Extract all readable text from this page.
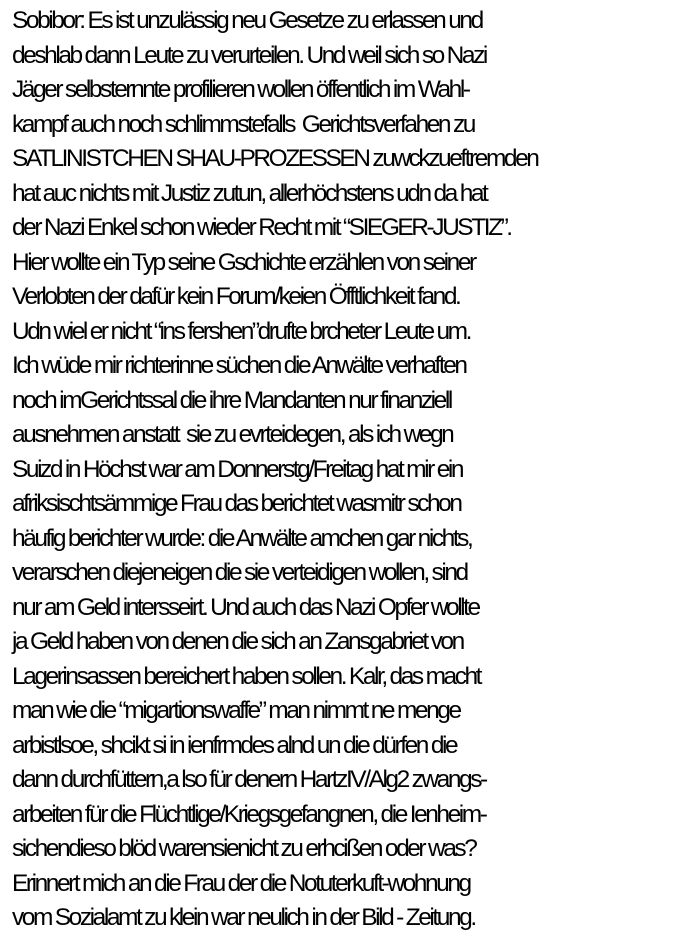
Sobibor: Es ist unzulässig neu Gesetze zu erlassen und
deshlab dann Leute zu verurteilen. Und weil sich so Nazi
Jäger selbsternnte profilieren wollen öffentlich im Wahl-
kampf auch noch schlimmstefalls  Gerichtsverfahen zu
SATLINISTCHEN SHAU-PROZESSEN zuwckzueftremden
hat auc nichts mit Justiz zutun, allerhöchstens udn da hat
der Nazi Enkel schon wieder Recht mit “SIEGER-JUSTIZ”.
Hier wollte ein Typ seine Gschichte erzählen von seiner
Verlobten der dafür kein Forum/keien Öfftlichkeit fand.
Udn wiel er nicht “ins fershen”drufte brcheter Leute um.
Ich wüde mir richterinne süchen die Anwälte verhaften
noch imGerichtssal die ihre Mandanten nur finanziell
ausnehmen anstatt  sie zu evrteidegen, als ich wegn
Suizd in Höchst war am Donnerstg/Freitag hat mir ein
afriksischtsämmige Frau das berichtet wasmitr schon
häufig berichter wurde: die Anwälte amchen gar nichts,
verarschen diejeneigen die sie verteidigen wollen, sind
nur am Geld intersseirt. Und auch das Nazi Opfer wollte
ja Geld haben von denen die sich an Zansgabriet von
Lagerinsassen bereichert haben sollen. Kalr, das macht
man wie die “migartionswaffe” man nimmt ne menge
arbistlsoe, shcikt si in ienfrmdes alnd un die dürfen die
dann durchfüttern,a lso für denern HartzIV/Alg2 zwangs-
arbeiten für die Flüchtlige/Kriegsgefangnen, die Ienheim-
sichendieso blöd warensienicht zu erhcißen oder was?
Erinnert mich an die Frau der die Notuterkuft-wohnung
vom Sozialamt zu klein war neulich in der Bild - Zeitung.
